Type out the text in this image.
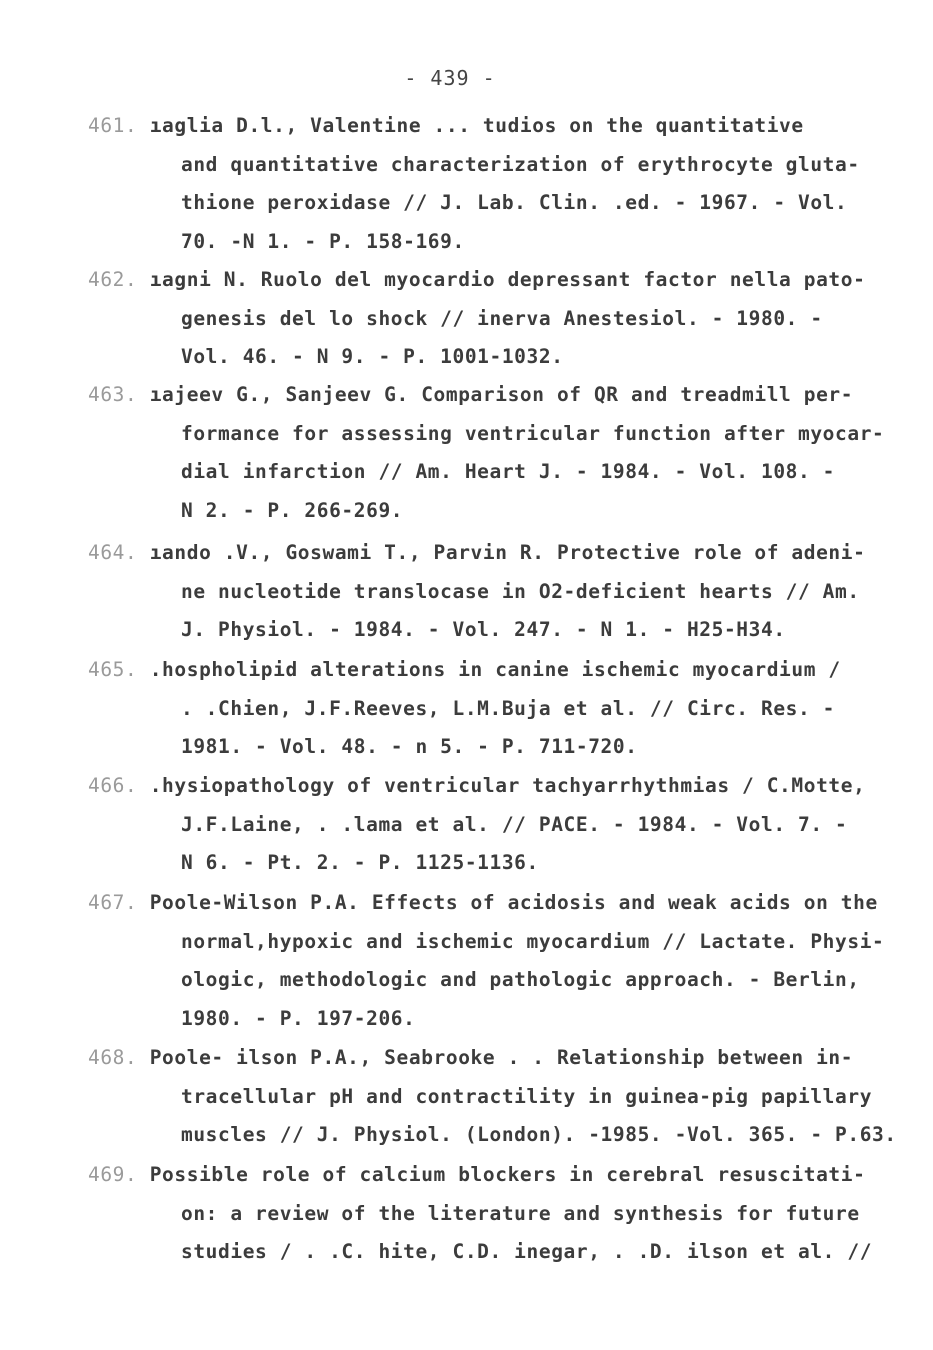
- 439 -
461. ıagliа D.l., Valentine ... tudios on the quantitative
and quantitative characterization of erythrocyte gluta-
thione peroxidase // J. Lab. Clin. .ed. - 1967. - Vol.
70. -N 1. - P. 158-169.
462. ıagni N. Ruolo del myocardio depressant factor nella pato-
genesis del lo shock // inerva Anestesiol. - 1980. -
Vol. 46. - N 9. - P. 1001-1032.
463. ıajeev G., Sanjeev G. Comparison of QR and treadmill per-
formance for assessing ventricular function after myocar-
dial infarction // Am. Heart J. - 1984. - Vol. 108. -
N 2. - P. 266-269.
464. ıando .V., Goswami T., Parvin R. Protective role of adeni-
ne nucleotide translocase in O2-deficient hearts // Am.
J. Physiol. - 1984. - Vol. 247. - N 1. - H25-H34.
465. .hospholipid alterations in canine ischemic myocardium /
. .Chien, J.F.Reeves, L.M.Buja et al. // Circ. Res. -
1981. - Vol. 48. - n 5. - P. 711-720.
466. .hysiopathology of ventricular tachyarrhythmias / C.Motte,
J.F.Laine, . .lama et al. // PACE. - 1984. - Vol. 7. -
N 6. - Pt. 2. - P. 1125-1136.
467. Poole-Wilson P.A. Effects of acidosis and weak acids on the
normal,hypoxic and ischemic myocardium // Lactate. Physi-
ologic, methodologic and pathologic approach. - Berlin,
1980. - P. 197-206.
468. Poole- ilson P.A., Seabrooke . . Relationship between in-
tracellular pH and contractility in guinea-pig papillary
muscles // J. Physiol. (London). -1985. -Vol. 365. - P.63.
469. Possible role of calcium blockers in cerebral resuscitati-
on: a review of the literature and synthesis for future
studies / . .C. hite, C.D. inegar, . .D. ilson et al. //
